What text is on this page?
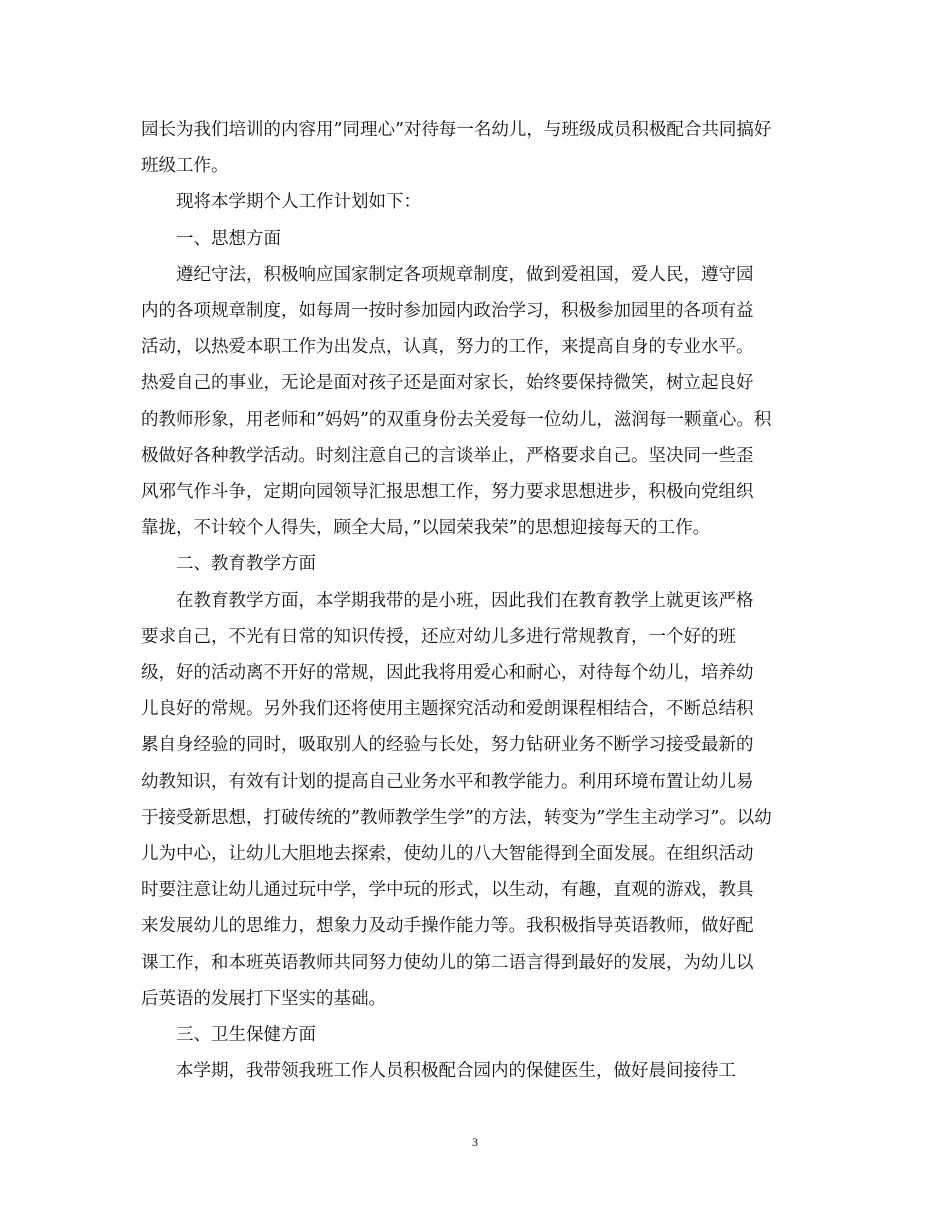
园长为我们培训的内容用”同理心”对待每一名幼儿，与班级成员积极配合共同搞好
班级工作。

现将本学期个人工作计划如下：

一、思想方面

遵纪守法，积极响应国家制定各项规章制度，做到爱祖国，爱人民，遵守园
内的各项规章制度，如每周一按时参加园内政治学习，积极参加园里的各项有益
活动，以热爱本职工作为出发点，认真，努力的工作，来提高自身的专业水平。
热爱自己的事业，无论是面对孩子还是面对家长，始终要保持微笑，树立起良好
的教师形象，用老师和”妈妈”的双重身份去关爱每一位幼儿，滋润每一颗童心。积
极做好各种教学活动。时刻注意自己的言谈举止，严格要求自己。坚决同一些歪
风邪气作斗争，定期向园领导汇报思想工作，努力要求思想进步，积极向党组织
靠拢，不计较个人得失，顾全大局，”以园荣我荣”的思想迎接每天的工作。

二、教育教学方面

在教育教学方面，本学期我带的是小班，因此我们在教育教学上就更该严格
要求自己，不光有日常的知识传授，还应对幼儿多进行常规教育，一个好的班
级，好的活动离不开好的常规，因此我将用爱心和耐心，对待每个幼儿，培养幼
儿良好的常规。另外我们还将使用主题探究活动和爱朗课程相结合，不断总结积
累自身经验的同时，吸取别人的经验与长处，努力钻研业务不断学习接受最新的
幼教知识，有效有计划的提高自己业务水平和教学能力。利用环境布置让幼儿易
于接受新思想，打破传统的”教师教学生学”的方法，转变为”学生主动学习”。以幼
儿为中心，让幼儿大胆地去探索，使幼儿的八大智能得到全面发展。在组织活动
时要注意让幼儿通过玩中学，学中玩的形式，以生动，有趣，直观的游戏，教具
来发展幼儿的思维力，想象力及动手操作能力等。我积极指导英语教师，做好配
课工作，和本班英语教师共同努力使幼儿的第二语言得到最好的发展，为幼儿以
后英语的发展打下坚实的基础。

三、卫生保健方面

本学期，我带领我班工作人员积极配合园内的保健医生，做好晨间接待工

3
